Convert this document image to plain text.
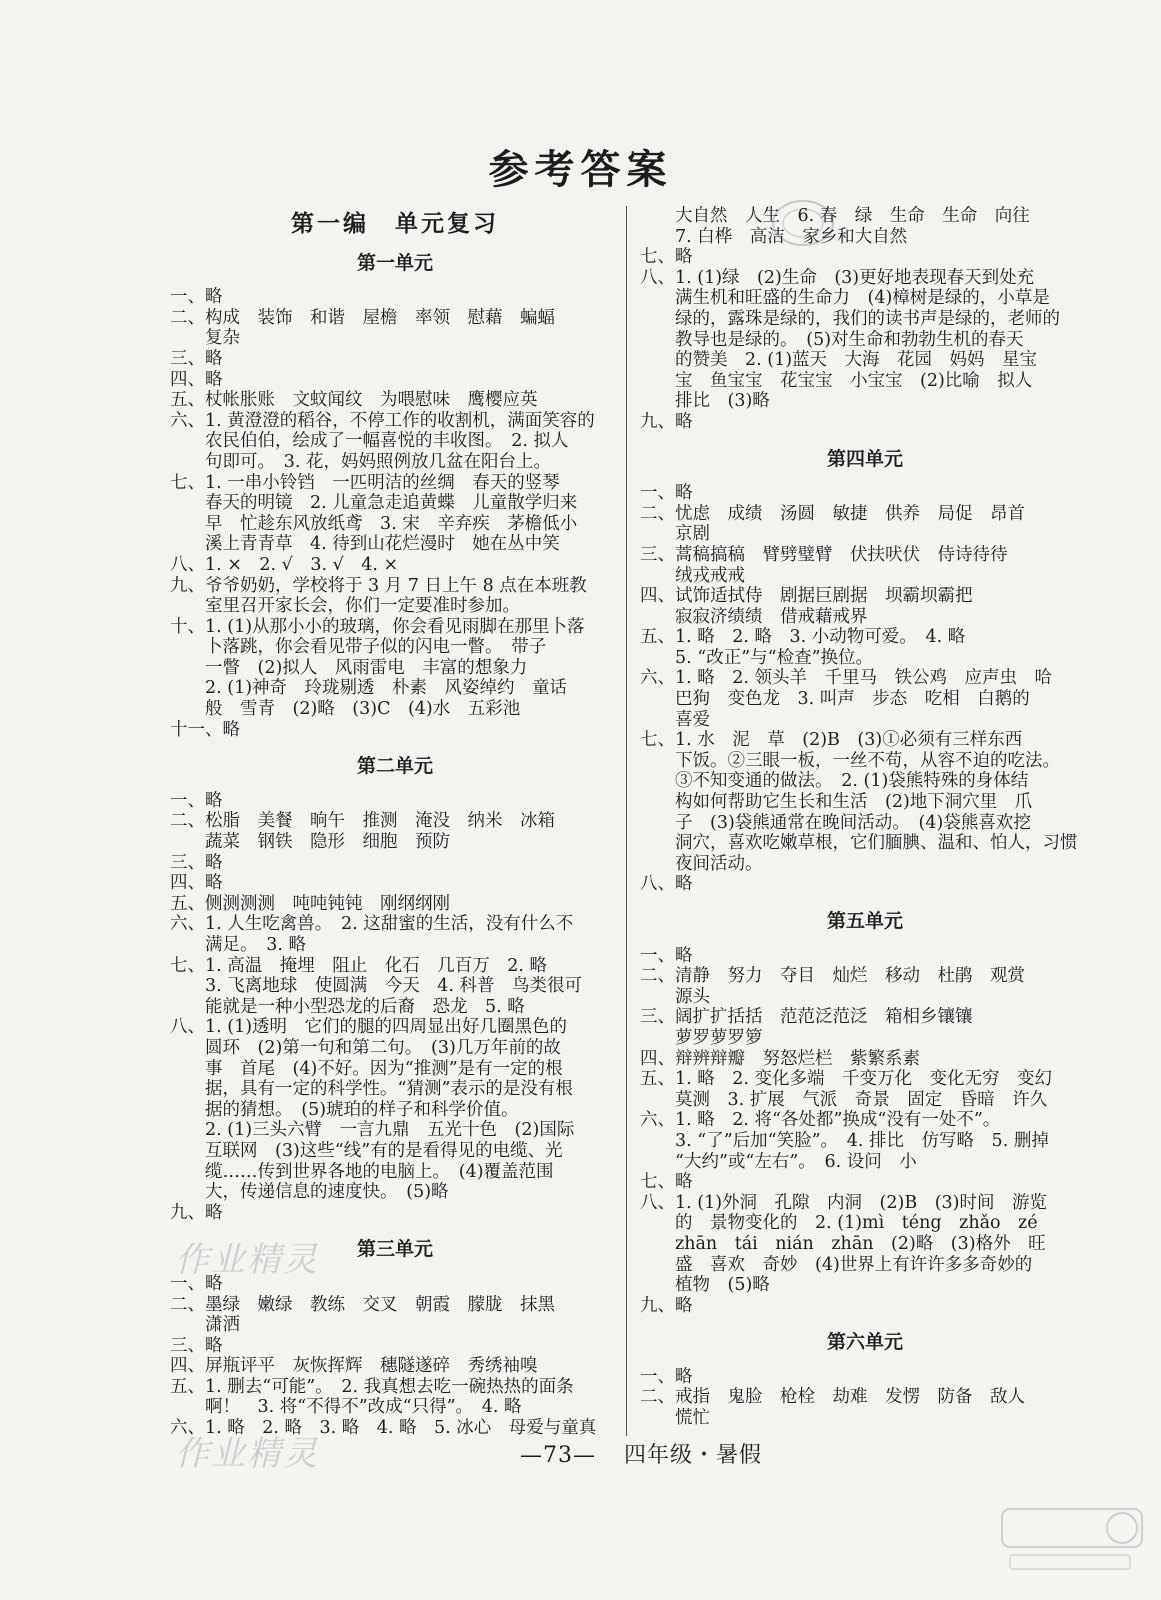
参考答案
第一编　单元复习
第一单元
一、略
二、构成　装饰　和谐　屋檐　率领　慰藉　蝙蝠
　　复杂
三、略
四、略
五、杖帐胀账　文蚊闻纹　为喂慰味　鹰樱应英
六、1. 黄澄澄的稻谷，不停工作的收割机，满面笑容的
　　农民伯伯，绘成了一幅喜悦的丰收图。　2. 拟人
　　句即可。　3. 花，妈妈照例放几盆在阳台上。
七、1. 一串小铃铛　一匹明洁的丝绸　春天的竖琴
　　春天的明镜　2. 儿童急走追黄蝶　儿童散学归来
　　早　忙趁东风放纸鸢　3. 宋　辛弃疾　茅檐低小
　　溪上青青草　4. 待到山花烂漫时　她在丛中笑
八、1. ×　2. √　3. √　4. ×
九、爷爷奶奶，学校将于 3 月 7 日上午 8 点在本班教
　　室里召开家长会，你们一定要准时参加。
十、1. (1)从那小小的玻璃，你会看见雨脚在那里卜落
　　卜落跳，你会看见带子似的闪电一瞥。　带子
　　一瞥　(2)拟人　风雨雷电　丰富的想象力
　　2. (1)神奇　玲珑剔透　朴素　风姿绰约　童话
　　般　雪青　(2)略　(3)C　(4)水　五彩池
十一、略
第二单元
一、略
二、松脂　美餐　晌午　推测　淹没　纳米　冰箱
　　蔬菜　钢铁　隐形　细胞　预防
三、略
四、略
五、侧测测测　吨吨钝钝　刚纲纲刚
六、1. 人生吃禽兽。　2. 这甜蜜的生活，没有什么不
　　满足。　3. 略
七、1. 高温　掩埋　阻止　化石　几百万　2. 略
　　3. 飞离地球　使圆满　今天　4. 科普　鸟类很可
　　能就是一种小型恐龙的后裔　恐龙　5. 略
八、1. (1)透明　它们的腿的四周显出好几圈黑色的
　　圆环　(2)第一句和第二句。　(3)几万年前的故
　　事　首尾　(4)不好。因为“推测”是有一定的根
　　据，具有一定的科学性。“猜测”表示的是没有根
　　据的猜想。　(5)琥珀的样子和科学价值。
　　2. (1)三头六臂　一言九鼎　五光十色　(2)国际
　　互联网　(3)这些“线”有的是看得见的电缆、光
　　缆……传到世界各地的电脑上。　(4)覆盖范围
　　大，传递信息的速度快。　(5)略
九、略
第三单元
一、略
二、墨绿　嫩绿　教练　交叉　朝霞　朦胧　抹黑
　　潇洒
三、略
四、屏瓶评平　灰恢挥辉　穗隧遂碎　秀绣袖嗅
五、1. 删去“可能”。　2. 我真想去吃一碗热热的面条
　　啊！　3. 将“不得不”改成“只得”。　4. 略
六、1. 略　2. 略　3. 略　4. 略　5. 冰心　母爱与童真
　　大自然　人生　6. 春　绿　生命　生命　向往
　　7. 白桦　高洁　家乡和大自然
七、略
八、1. (1)绿　(2)生命　(3)更好地表现春天到处充
　　满生机和旺盛的生命力　(4)樟树是绿的，小草是
　　绿的，露珠是绿的，我们的读书声是绿的，老师的
　　教导也是绿的。　(5)对生命和勃勃生机的春天
　　的赞美　2. (1)蓝天　大海　花园　妈妈　星宝
　　宝　鱼宝宝　花宝宝　小宝宝　(2)比喻　拟人
　　排比　(3)略
九、略
第四单元
一、略
二、忧虑　成绩　汤圆　敏捷　供养　局促　昂首
　　京剧
三、蒿稿搞稿　臂劈璧臂　伏扶吠伏　侍诗待待
　　绒戎戒戒
四、试饰适拭侍　剧据巨剧据　坝霸坝霸把
　　寂寂济绩绩　借戒藉戒界
五、1. 略　2. 略　3. 小动物可爱。　4. 略
　　5. “改正”与“检查”换位。
六、1. 略　2. 领头羊　千里马　铁公鸡　应声虫　哈
　　巴狗　变色龙　3. 叫声　步态　吃相　白鹅的
　　喜爱
七、1. 水　泥　草　(2)B　(3)①必须有三样东西
　　下饭。②三眼一板，一丝不苟，从容不迫的吃法。
　　③不知变通的做法。　2. (1)袋熊特殊的身体结
　　构如何帮助它生长和生活　(2)地下洞穴里　爪
　　子　(3)袋熊通常在晚间活动。　(4)袋熊喜欢挖
　　洞穴，喜欢吃嫩草根，它们腼腆、温和、怕人，习惯
　　夜间活动。
八、略
第五单元
一、略
二、清静　努力　夺目　灿烂　移动　杜鹃　观赏
　　源头
三、阔扩扩括括　范范泛范泛　箱相乡镶镶
　　萝罗萝罗箩
四、辩辨辩瓣　努怒烂栏　紫繁系素
五、1. 略　2. 变化多端　千变万化　变化无穷　变幻
　　莫测　3. 扩展　气派　奇景　固定　昏暗　许久
六、1. 略　2. 将“各处都”换成“没有一处不”。
　　3. “了”后加“笑脸”。　4. 排比　仿写略　5. 删掉
　　“大约”或“左右”。　6. 设问　小
七、略
八、1. (1)外洞　孔隙　内洞　(2)B　(3)时间　游览
　　的　景物变化的　2. (1)mì　téng　zhǎo　zé
　　zhān　tái　nián　zhān　(2)略　(3)格外　旺
　　盛　喜欢　奇妙　(4)世界上有许许多多奇妙的
　　植物　(5)略
九、略
第六单元
一、略
二、戒指　鬼脸　枪栓　劫难　发愣　防备　敌人
　　慌忙
作业精灵
作业精灵	—73— 四年级・暑假
